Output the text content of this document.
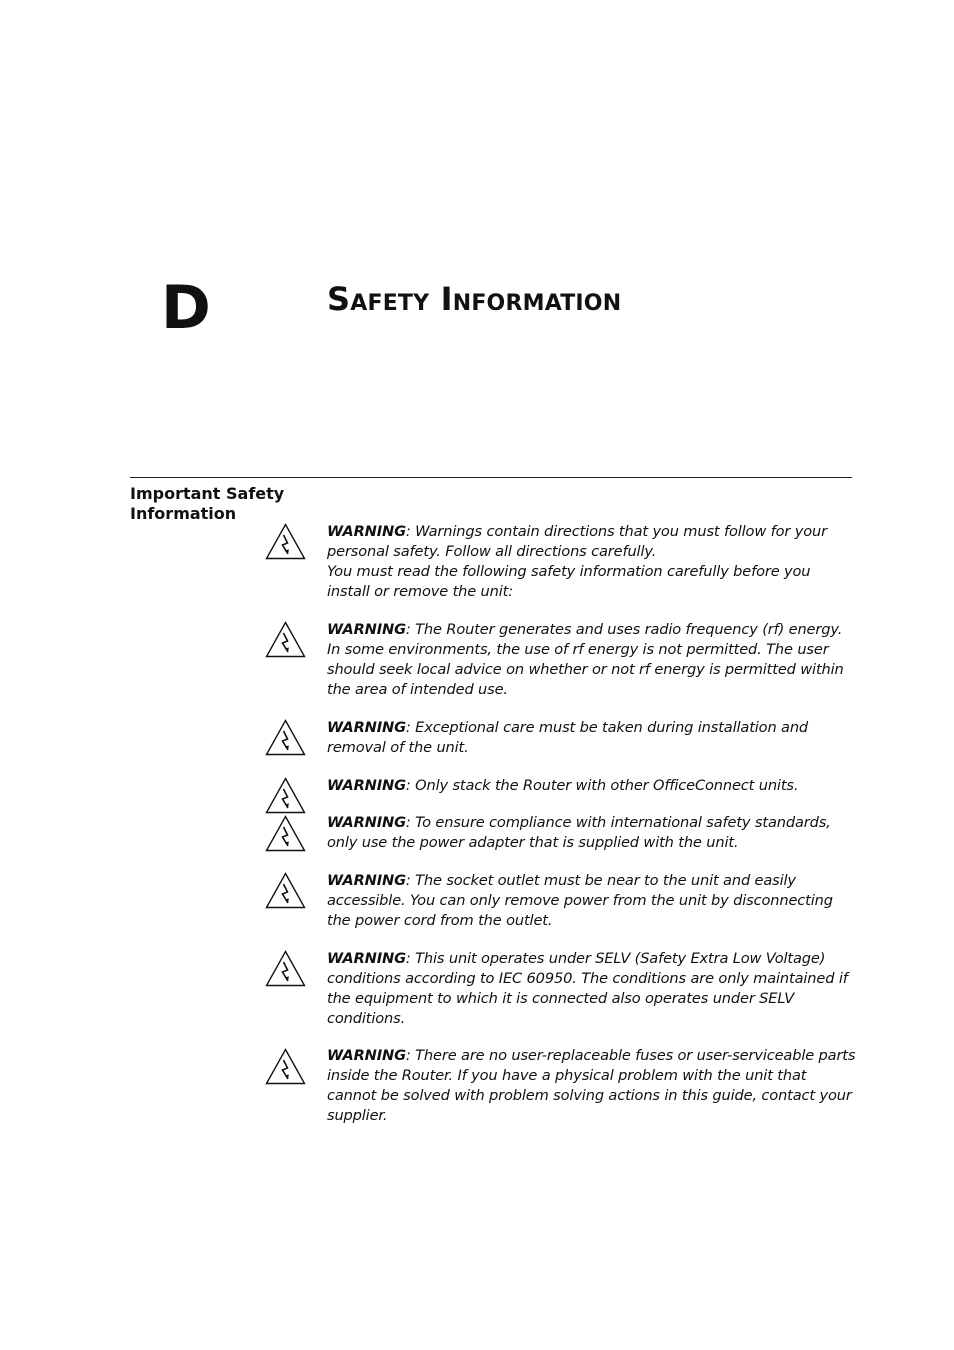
D	Safety Information
Important Safety Information

WARNING: Warnings contain directions that you must follow for your personal safety. Follow all directions carefully.

You must read the following safety information carefully before you install or remove the unit:

WARNING: The Router generates and uses radio frequency (rf) energy. In some environments, the use of rf energy is not permitted. The user should seek local advice on whether or not rf energy is permitted within the area of intended use.

WARNING: Exceptional care must be taken during installation and removal of the unit.

WARNING: Only stack the Router with other OfficeConnect units.

WARNING: To ensure compliance with international safety standards, only use the power adapter that is supplied with the unit.

WARNING: The socket outlet must be near to the unit and easily accessible. You can only remove power from the unit by disconnecting the power cord from the outlet.

WARNING: This unit operates under SELV (Safety Extra Low Voltage) conditions according to IEC 60950. The conditions are only maintained if the equipment to which it is connected also operates under SELV conditions.

WARNING: There are no user-replaceable fuses or user-serviceable parts inside the Router. If you have a physical problem with the unit that cannot be solved with problem solving actions in this guide, contact your supplier.
